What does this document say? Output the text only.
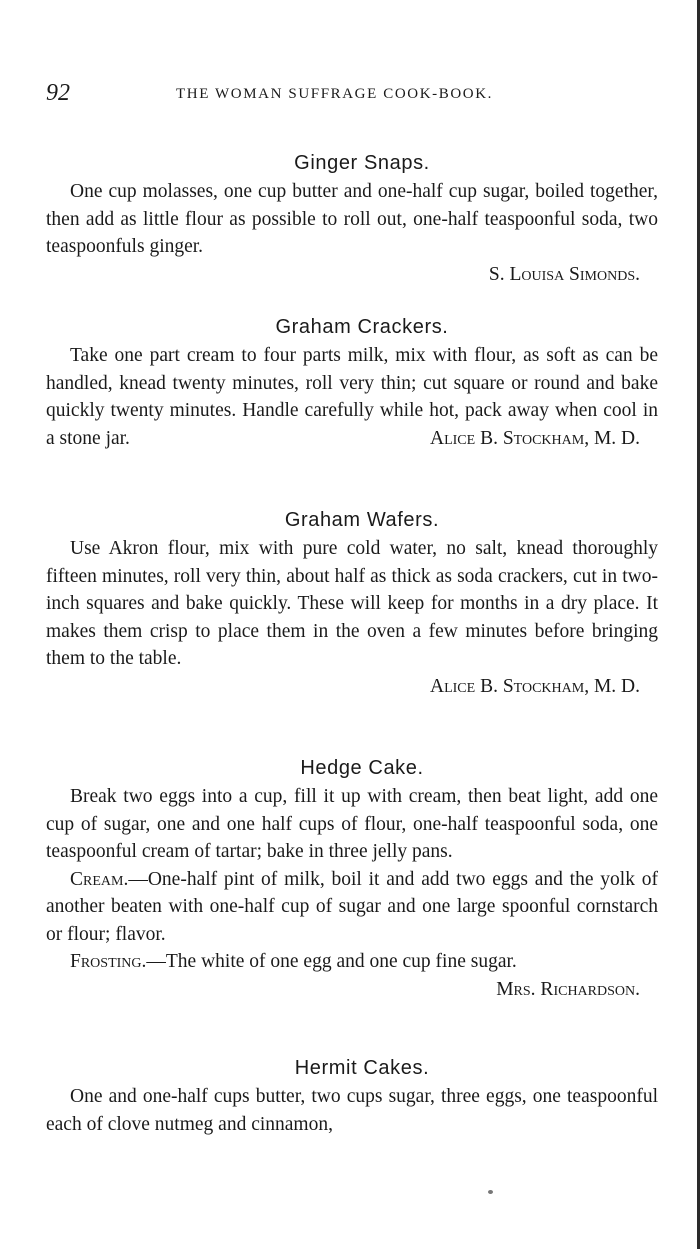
92	THE WOMAN SUFFRAGE COOK-BOOK.
Ginger Snaps.

One cup molasses, one cup butter and one-half cup sugar, boiled together, then add as little flour as possible to roll out, one-half teaspoonful soda, two teaspoonfuls ginger.

S. Louisa Simonds.
Graham Crackers.

Take one part cream to four parts milk, mix with flour, as soft as can be handled, knead twenty minutes, roll very thin; cut square or round and bake quickly twenty minutes. Handle carefully while hot, pack away when cool in a stone jar.	Alice B. Stockham, M. D.

Graham Wafers.

Use Akron flour, mix with pure cold water, no salt, knead thoroughly fifteen minutes, roll very thin, about half as thick as soda crackers, cut in two-inch squares and bake quickly. These will keep for months in a dry place. It makes them crisp to place them in the oven a few minutes before bringing them to the table.

Alice B. Stockham, M. D.
Hedge Cake.

Break two eggs into a cup, fill it up with cream, then beat light, add one cup of sugar, one and one half cups of flour, one-half teaspoonful soda, one teaspoonful cream of tartar; bake in three jelly pans.

Cream.—One-half pint of milk, boil it and add two eggs and the yolk of another beaten with one-half cup of sugar and one large spoonful cornstarch or flour; flavor.

Frosting.—The white of one egg and one cup fine sugar.
Mrs. Richardson.

Hermit Cakes.

One and one-half cups butter, two cups sugar, three eggs, one teaspoonful each of clove nutmeg and cinnamon,
